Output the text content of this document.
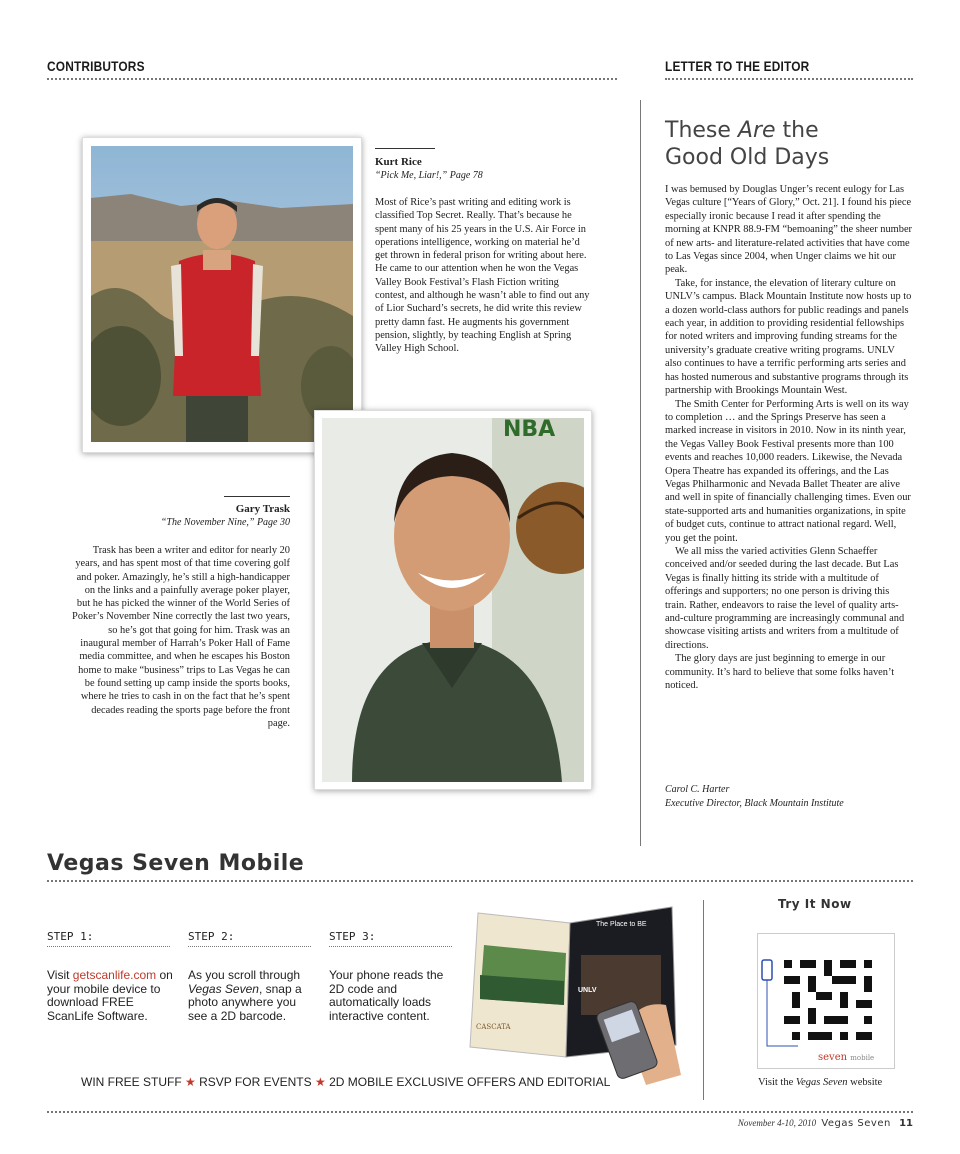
CONTRIBUTORS	LETTER TO THE EDITOR
Kurt Rice
“Pick Me, Liar!,” Page 78
Most of Rice’s past writing and editing work is classified Top Secret. Really. That’s because he spent many of his 25 years in the U.S. Air Force in operations intelligence, working on material he’d get thrown in federal prison for writing about here. He came to our attention when he won the Vegas Valley Book Festival’s Flash Fiction writing contest, and although he wasn’t able to find out any of Lior Suchard’s secrets, he did write this review pretty damn fast. He augments his government pension, slightly, by teaching English at Spring Valley High School.
NBA
Gary Trask
“The November Nine,” Page 30
Trask has been a writer and editor for nearly 20 years, and has spent most of that time covering golf and poker. Amazingly, he’s still a high-handicapper on the links and a painfully average poker player, but he has picked the winner of the World Series of Poker’s November Nine correctly the last two years, so he’s got that going for him. Trask was an inaugural member of Harrah’s Poker Hall of Fame media committee, and when he escapes his Boston home to make “business” trips to Las Vegas he can be found setting up camp inside the sports books, where he tries to cash in on the fact that he’s spent decades reading the sports page before the front page.
These Are the
Good Old Days

I was bemused by Douglas Unger’s recent eulogy for Las Vegas culture [“Years of Glory,” Oct. 21]. I found his piece especially ironic because I read it after spending the morning at KNPR 88.9-FM “bemoaning” the sheer number of new arts- and literature-related activities that have come to Las Vegas since 2004, when Unger claims we hit our peak.

Take, for instance, the elevation of literary culture on UNLV’s campus. Black Mountain Institute now hosts up to a dozen world-class authors for public readings and panels each year, in addition to providing residential fellowships for noted writers and improving funding streams for the university’s graduate creative writing programs. UNLV also continues to have a terrific performing arts series and has hosted numerous and substantive programs through its partnership with Brookings Mountain West.

The Smith Center for Performing Arts is well on its way to completion … and the Springs Preserve has seen a marked increase in visitors in 2010. Now in its ninth year, the Vegas Valley Book Festival presents more than 100 events and reaches 10,000 readers. Likewise, the Nevada Opera Theatre has expanded its offerings, and the Las Vegas Philharmonic and Nevada Ballet Theater are alive and well in spite of financially challenging times. Even our state-supported arts and humanities organizations, in spite of budget cuts, continue to attract national regard. Well, you get the point.

We all miss the varied activities Glenn Schaeffer conceived and/or seeded during the last decade. But Las Vegas is finally hitting its stride with a multitude of offerings and supporters; no one person is driving this train. Rather, endeavors to raise the level of quality arts-and-culture programming are increasingly communal and showcase visiting artists and writers from a multitude of directions.

The glory days are just beginning to emerge in our community. It’s hard to believe that some folks haven’t noticed.

Carol C. Harter
Executive Director, Black Mountain Institute
Vegas Seven Mobile
STEP 1:
Visit getscanlife.com on your mobile device to download FREE ScanLife Software.
STEP 2:
As you scroll through Vegas Seven, snap a photo anywhere you see a 2D barcode.
STEP 3:
Your phone reads the 2D code and automatically loads interactive content.
CASCATA
The Place to BE
UNLV
Try It Now
seven mobile
Visit the Vegas Seven website
WIN FREE STUFF ★ RSVP FOR EVENTS ★ 2D MOBILE EXCLUSIVE OFFERS AND EDITORIAL
November 4-10, 2010 Vegas Seven 11
